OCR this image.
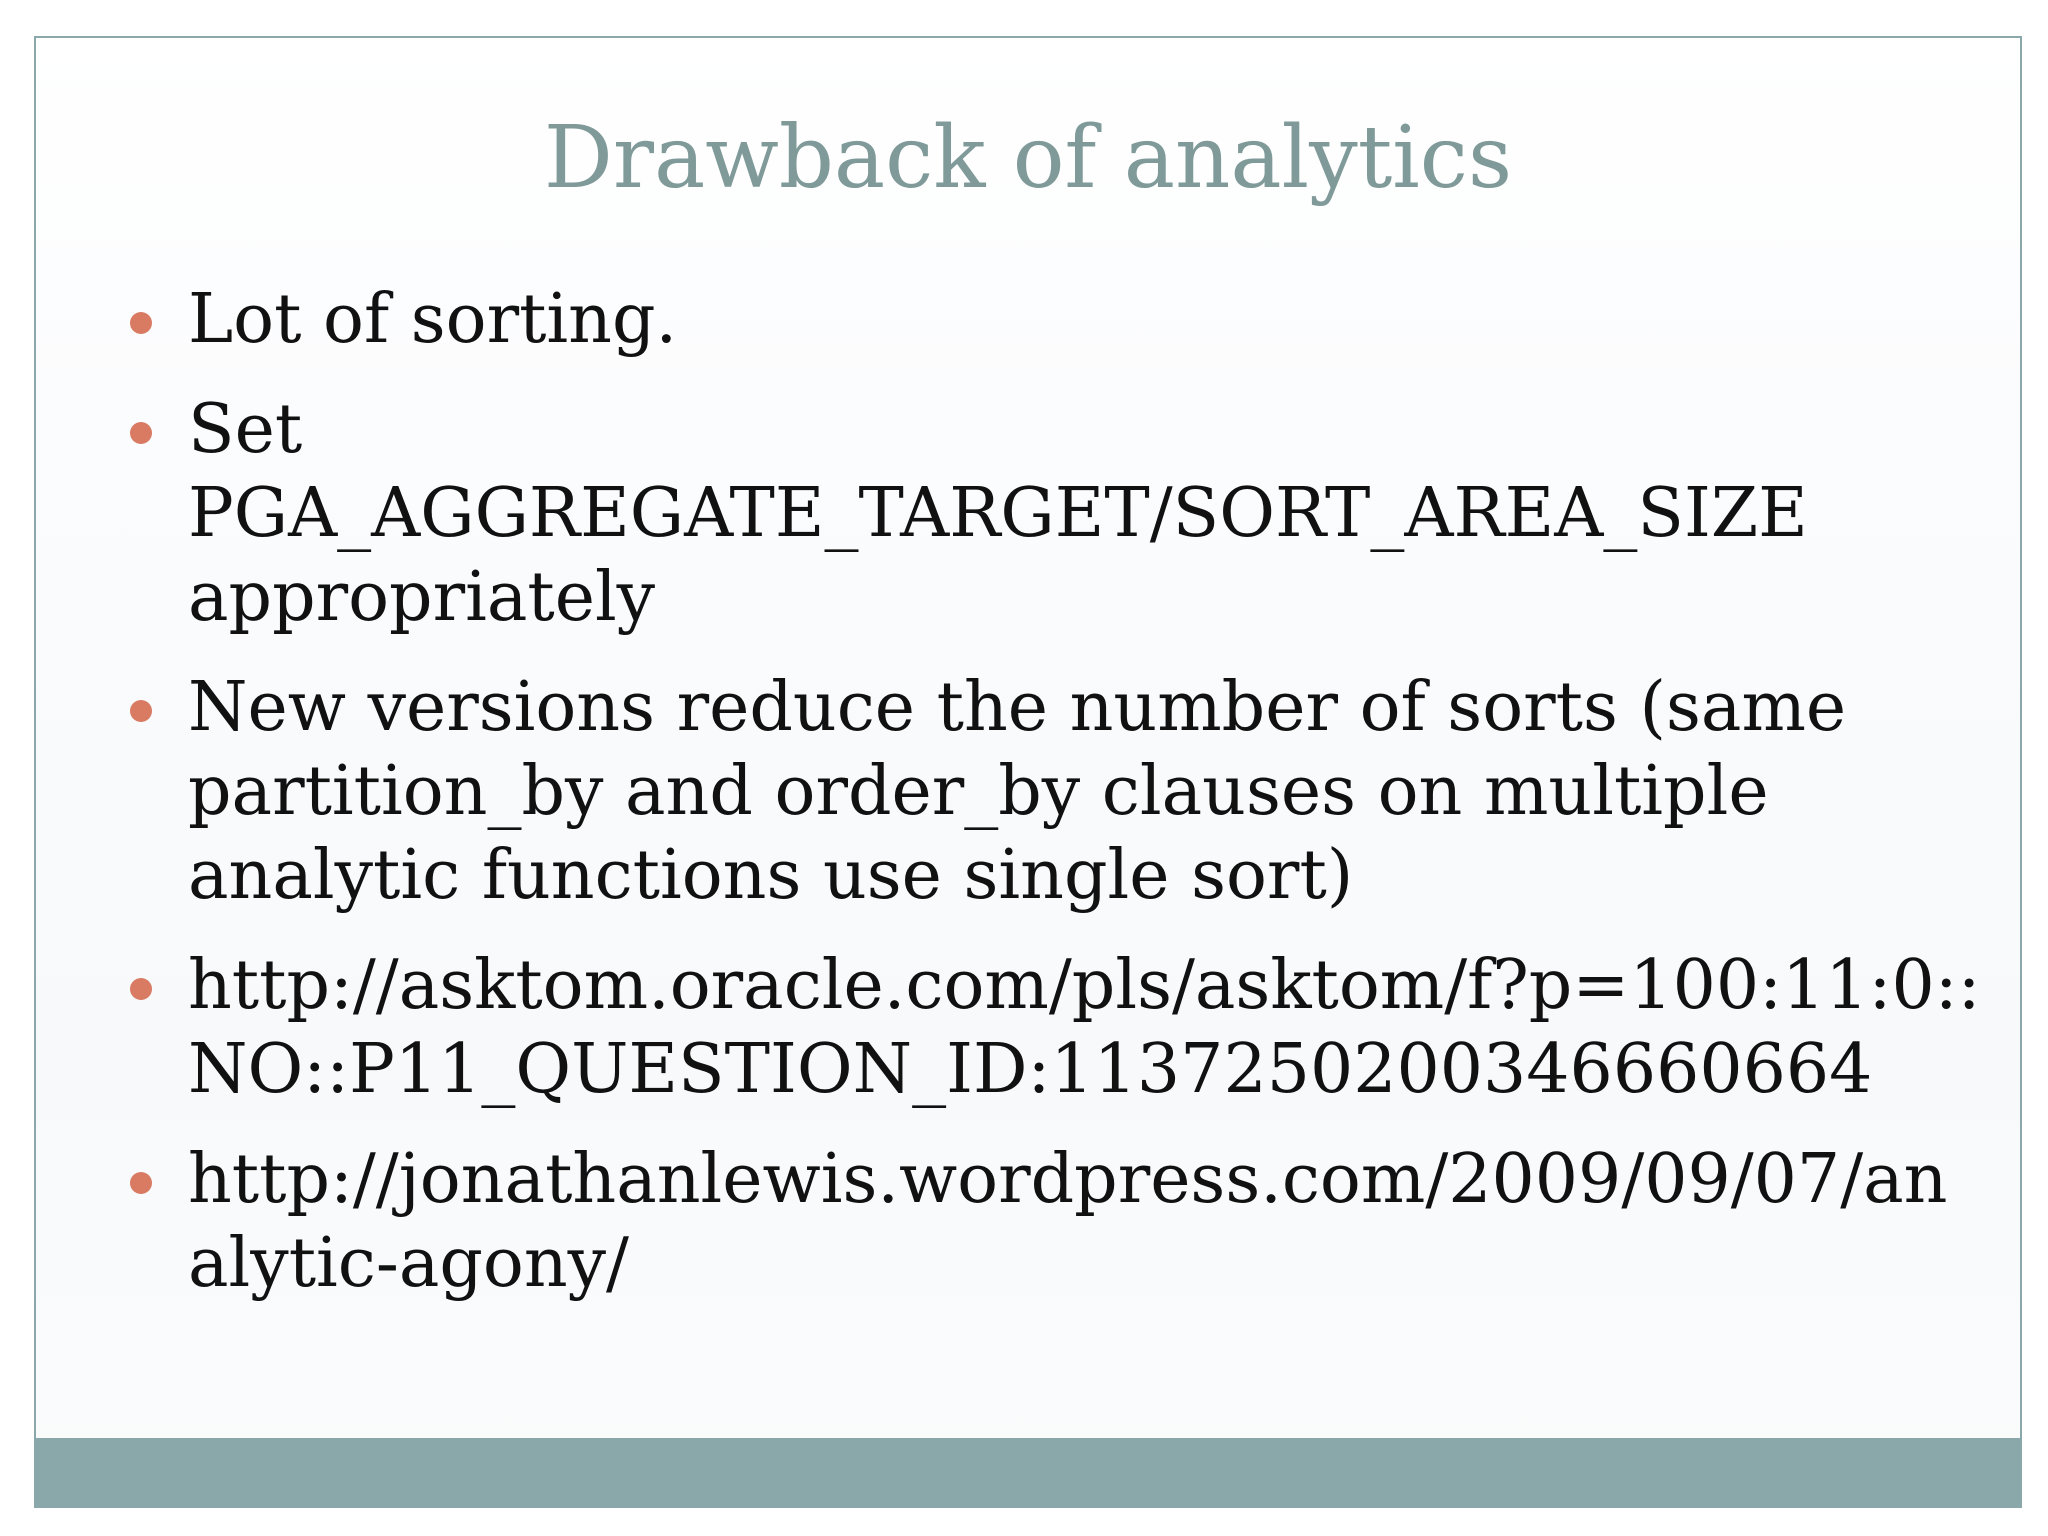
Drawback of analytics
Lot of sorting.
Set
PGA_AGGREGATE_TARGET/SORT_AREA_SIZE
appropriately
New versions reduce the number of sorts (same
partition_by and order_by clauses on multiple
analytic functions use single sort)
http://asktom.oracle.com/pls/asktom/f?p=100:11:0::
NO::P11_QUESTION_ID:1137250200346660664
http://jonathanlewis.wordpress.com/2009/09/07/an
alytic-agony/
